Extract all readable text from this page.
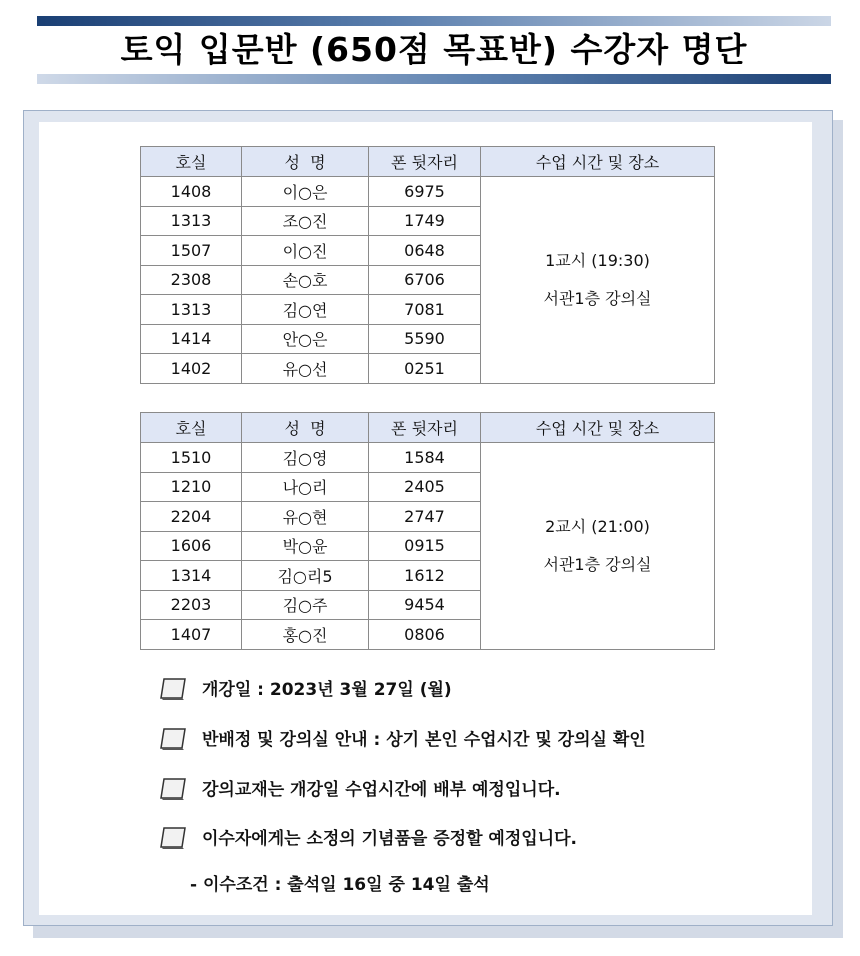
토익 입문반 (650점 목표반) 수강자 명단
호실	성  명	폰 뒷자리	수업 시간 및 장소
1408	이○은	6975	1교시 (19:30)
서관1층 강의실

1313	조○진	1749	
1507	이○진	0648	
2308	손○호	6706	
1313	김○연	7081	
1414	안○은	5590	
1402	유○선	0251	
호실	성  명	폰 뒷자리	수업 시간 및 장소
1510	김○영	1584	2교시 (21:00)
서관1층 강의실

1210	나○리	2405	
2204	유○현	2747	
1606	박○윤	0915	
1314	김○리5	1612	
2203	김○주	9454	
1407	홍○진	0806	
개강일 : 2023년 3월 27일 (월)
반배정 및 강의실 안내 : 상기 본인 수업시간 및 강의실 확인
강의교재는 개강일 수업시간에 배부 예정입니다.
이수자에게는 소정의 기념품을 증정할 예정입니다.
- 이수조건 : 출석일 16일 중 14일 출석
